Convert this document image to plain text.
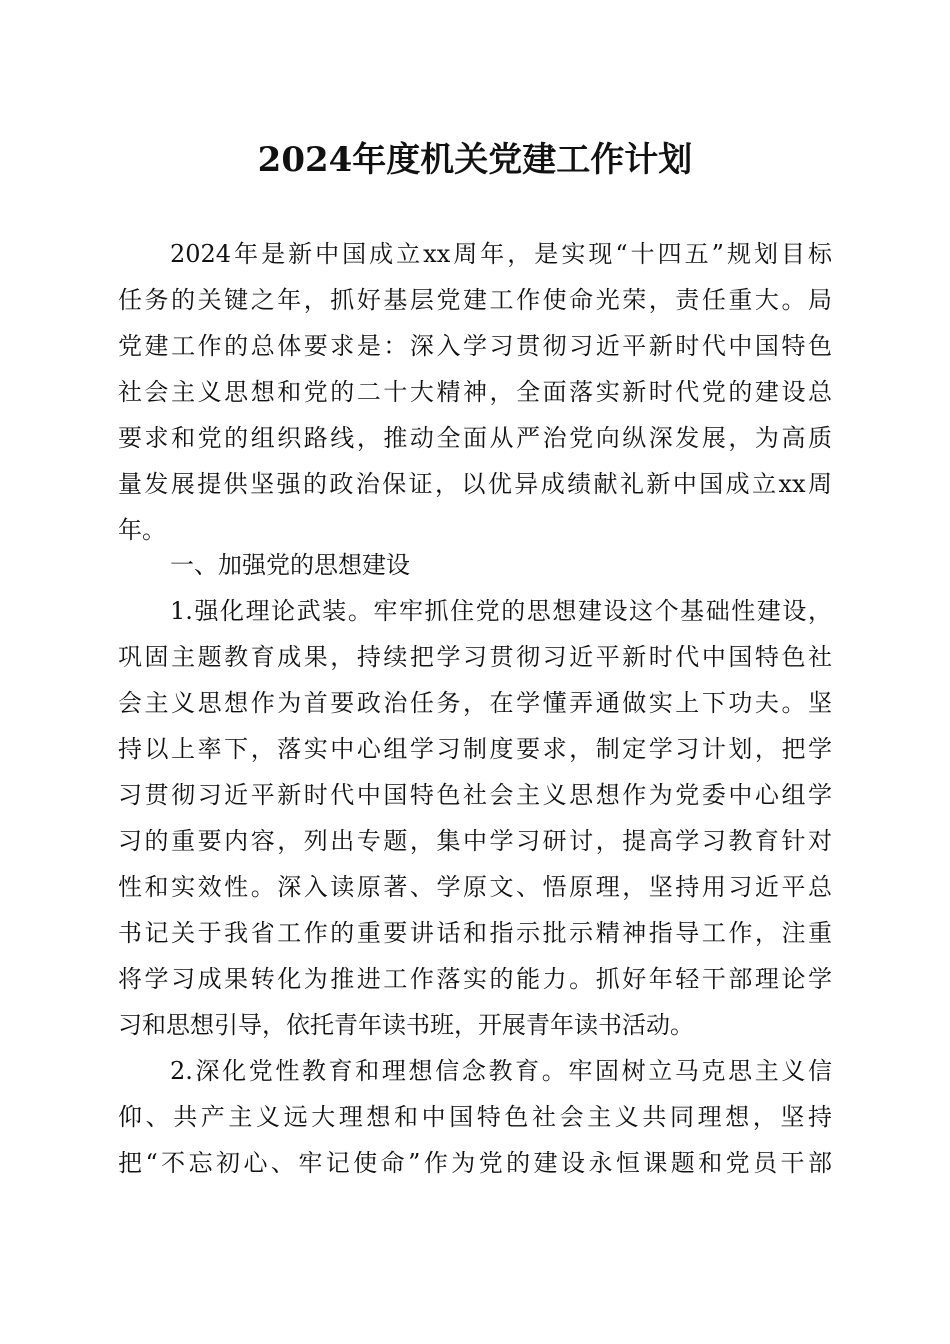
2024年度机关党建工作计划
2024年是新中国成立xx周年，是实现“十四五”规划目标
任务的关键之年，抓好基层党建工作使命光荣，责任重大。局
党建工作的总体要求是：深入学习贯彻习近平新时代中国特色
社会主义思想和党的二十大精神，全面落实新时代党的建设总
要求和党的组织路线，推动全面从严治党向纵深发展，为高质
量发展提供坚强的政治保证，以优异成绩献礼新中国成立xx周
年。
一、加强党的思想建设
1.强化理论武装。牢牢抓住党的思想建设这个基础性建设，
巩固主题教育成果，持续把学习贯彻习近平新时代中国特色社
会主义思想作为首要政治任务，在学懂弄通做实上下功夫。坚
持以上率下，落实中心组学习制度要求，制定学习计划，把学
习贯彻习近平新时代中国特色社会主义思想作为党委中心组学
习的重要内容，列出专题，集中学习研讨，提高学习教育针对
性和实效性。深入读原著、学原文、悟原理，坚持用习近平总
书记关于我省工作的重要讲话和指示批示精神指导工作，注重
将学习成果转化为推进工作落实的能力。抓好年轻干部理论学
习和思想引导，依托青年读书班，开展青年读书活动。
2.深化党性教育和理想信念教育。牢固树立马克思主义信
仰、共产主义远大理想和中国特色社会主义共同理想，坚持
把“不忘初心、牢记使命”作为党的建设永恒课题和党员干部
